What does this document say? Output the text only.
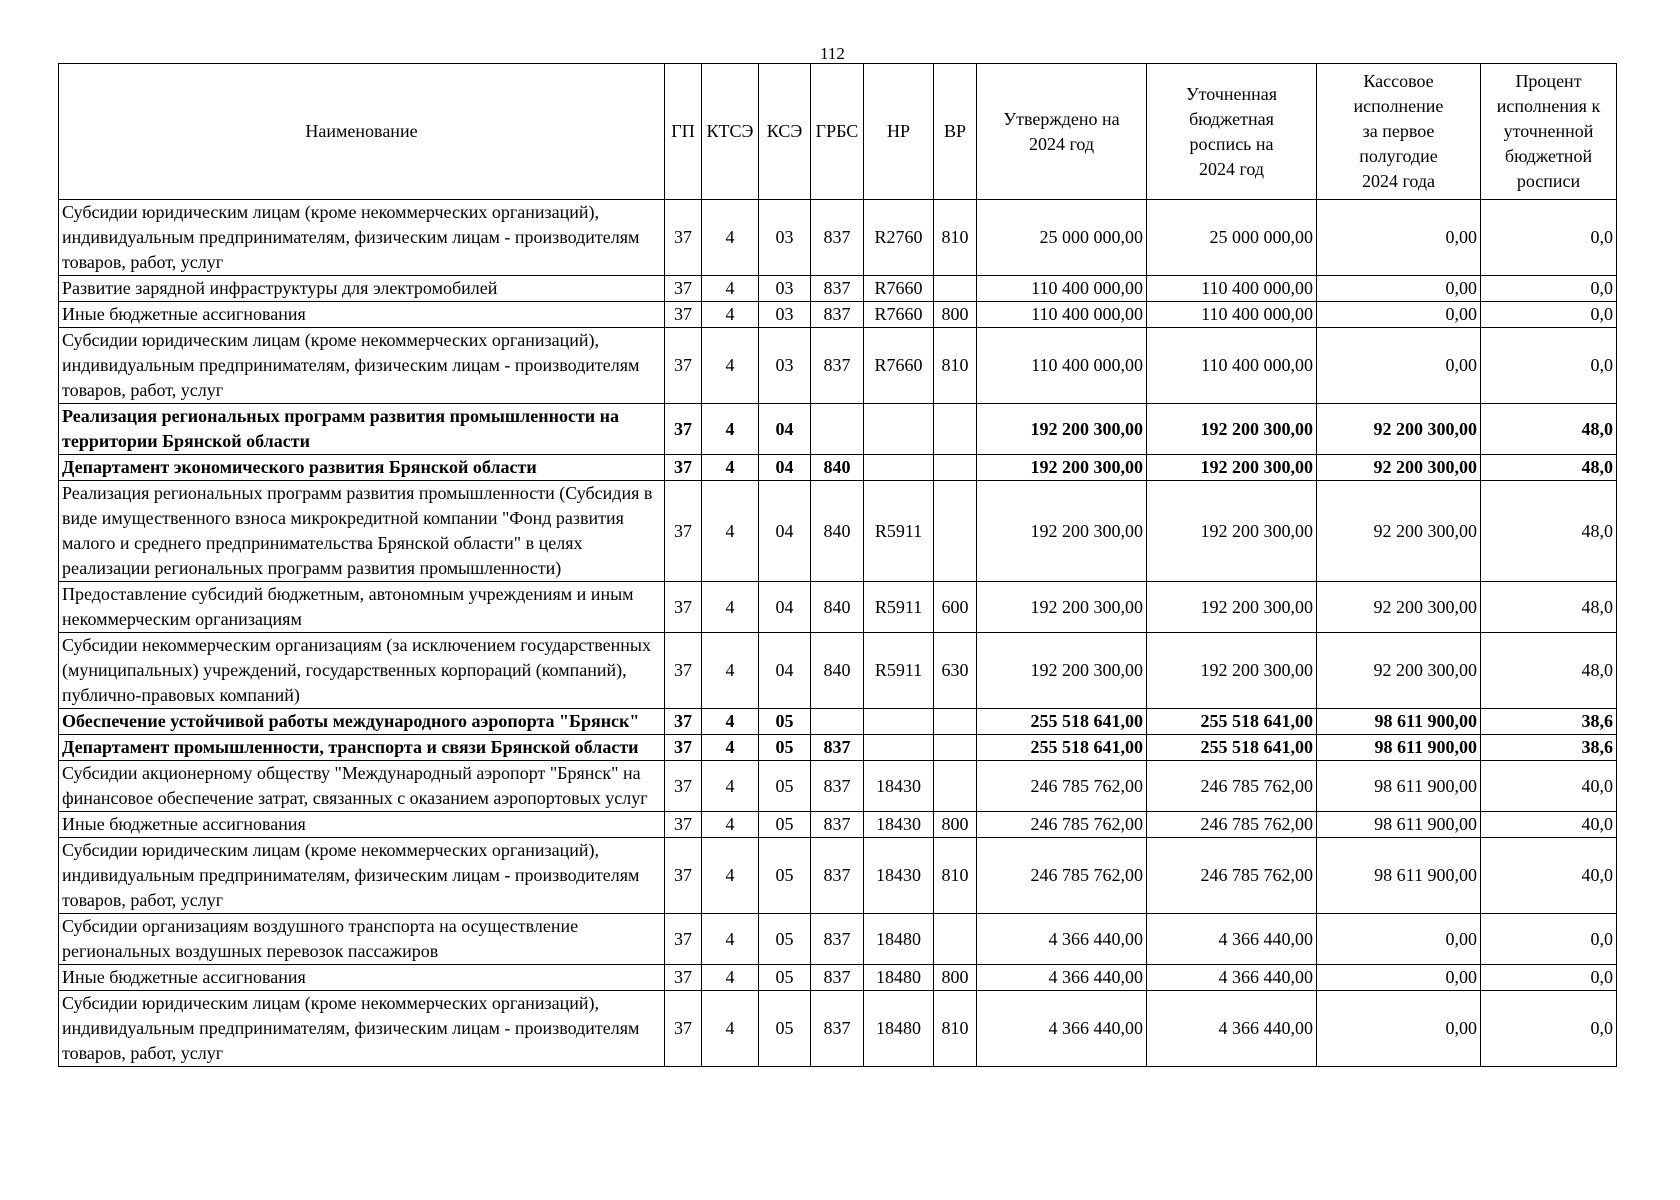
112
Наименование	ГП	КТСЭ	КСЭ	ГРБС	НР	ВР	Утверждено на 2024 год	Уточненная бюджетная роспись на 2024 год	Кассовое исполнение за первое полугодие 2024 года	Процент исполнения к уточненной бюджетной росписи
Субсидии юридическим лицам (кроме некоммерческих организаций), индивидуальным предпринимателям, физическим лицам - производителям товаров, работ, услуг	37	4	03	837	R2760	810	25 000 000,00	25 000 000,00	0,00	0,0
Развитие зарядной инфраструктуры для электромобилей	37	4	03	837	R7660		110 400 000,00	110 400 000,00	0,00	0,0
Иные бюджетные ассигнования	37	4	03	837	R7660	800	110 400 000,00	110 400 000,00	0,00	0,0
Субсидии юридическим лицам (кроме некоммерческих организаций), индивидуальным предпринимателям, физическим лицам - производителям товаров, работ, услуг	37	4	03	837	R7660	810	110 400 000,00	110 400 000,00	0,00	0,0
Реализация региональных программ развития промышленности на территории Брянской области	37	4	04				192 200 300,00	192 200 300,00	92 200 300,00	48,0
Департамент экономического развития Брянской области	37	4	04	840			192 200 300,00	192 200 300,00	92 200 300,00	48,0
Реализация региональных программ развития промышленности (Субсидия в виде имущественного взноса микрокредитной компании "Фонд развития малого и среднего предпринимательства Брянской области" в целях реализации региональных программ развития промышленности)	37	4	04	840	R5911		192 200 300,00	192 200 300,00	92 200 300,00	48,0
Предоставление субсидий бюджетным, автономным учреждениям и иным некоммерческим организациям	37	4	04	840	R5911	600	192 200 300,00	192 200 300,00	92 200 300,00	48,0
Субсидии некоммерческим организациям (за исключением государственных (муниципальных) учреждений, государственных корпораций (компаний), публично-правовых компаний)	37	4	04	840	R5911	630	192 200 300,00	192 200 300,00	92 200 300,00	48,0
Обеспечение устойчивой работы международного аэропорта "Брянск"	37	4	05				255 518 641,00	255 518 641,00	98 611 900,00	38,6
Департамент промышленности, транспорта и связи Брянской области	37	4	05	837			255 518 641,00	255 518 641,00	98 611 900,00	38,6
Субсидии акционерному обществу "Международный аэропорт "Брянск" на финансовое обеспечение затрат, связанных с оказанием аэропортовых услуг	37	4	05	837	18430		246 785 762,00	246 785 762,00	98 611 900,00	40,0
Иные бюджетные ассигнования	37	4	05	837	18430	800	246 785 762,00	246 785 762,00	98 611 900,00	40,0
Субсидии юридическим лицам (кроме некоммерческих организаций), индивидуальным предпринимателям, физическим лицам - производителям товаров, работ, услуг	37	4	05	837	18430	810	246 785 762,00	246 785 762,00	98 611 900,00	40,0
Субсидии организациям воздушного транспорта на осуществление региональных воздушных перевозок пассажиров	37	4	05	837	18480		4 366 440,00	4 366 440,00	0,00	0,0
Иные бюджетные ассигнования	37	4	05	837	18480	800	4 366 440,00	4 366 440,00	0,00	0,0
Субсидии юридическим лицам (кроме некоммерческих организаций), индивидуальным предпринимателям, физическим лицам - производителям товаров, работ, услуг	37	4	05	837	18480	810	4 366 440,00	4 366 440,00	0,00	0,0
